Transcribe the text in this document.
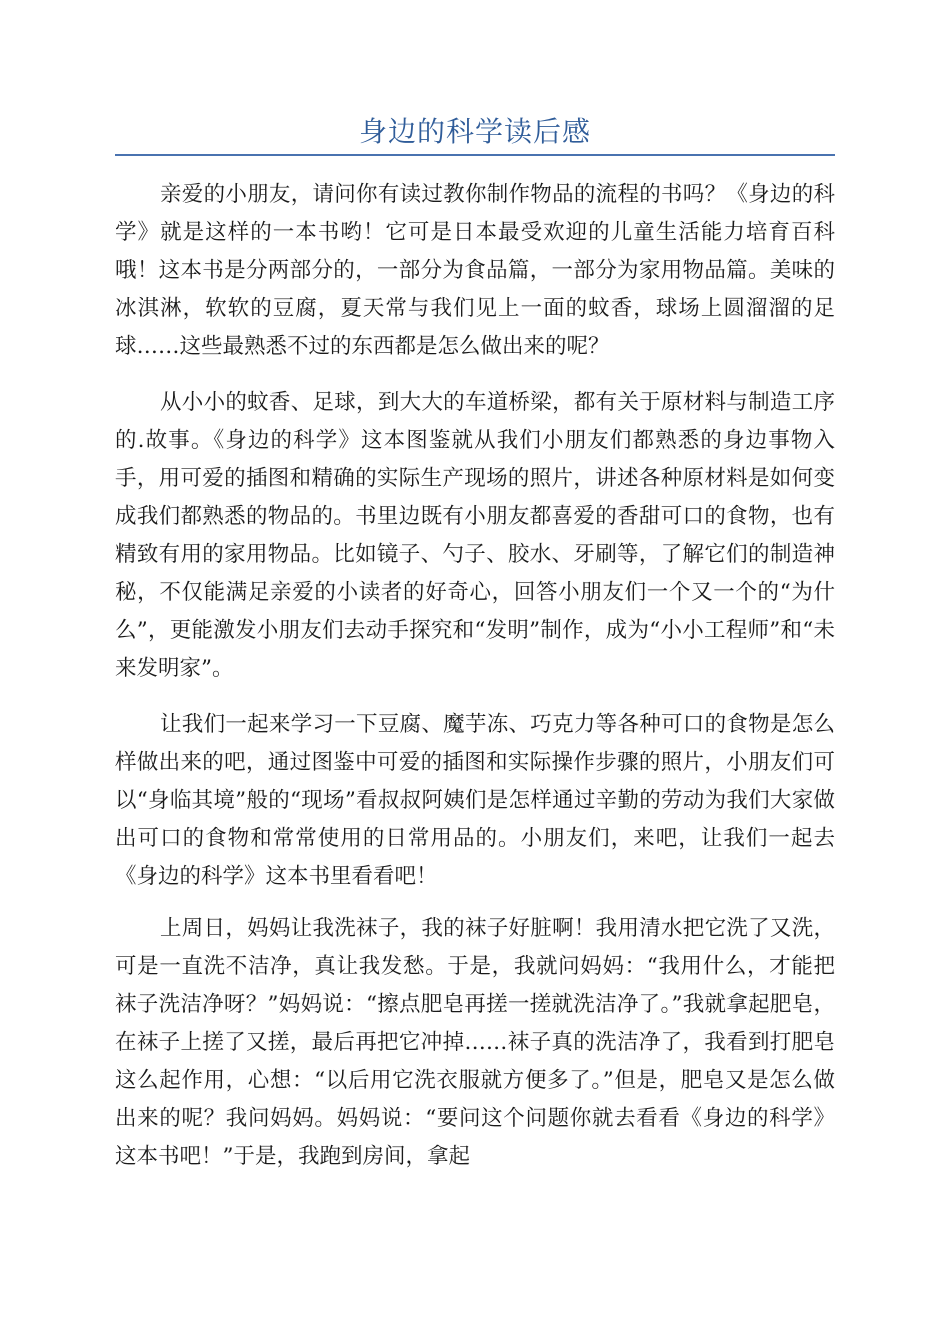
身边的科学读后感

亲爱的小朋友，请问你有读过教你制作物品的流程的书吗？《身边的科学》就是这样的一本书哟！它可是日本最受欢迎的儿童生活能力培育百科哦！这本书是分两部分的，一部分为食品篇，一部分为家用物品篇。美味的冰淇淋，软软的豆腐，夏天常与我们见上一面的蚊香，球场上圆溜溜的足球……这些最熟悉不过的东西都是怎么做出来的呢？

从小小的蚊香、足球，到大大的车道桥梁，都有关于原材料与制造工序的.故事。《身边的科学》这本图鉴就从我们小朋友们都熟悉的身边事物入手，用可爱的插图和精确的实际生产现场的照片，讲述各种原材料是如何变成我们都熟悉的物品的。书里边既有小朋友都喜爱的香甜可口的食物，也有精致有用的家用物品。比如镜子、勺子、胶水、牙刷等，了解它们的制造神秘，不仅能满足亲爱的小读者的好奇心，回答小朋友们一个又一个的“为什么”，更能激发小朋友们去动手探究和“发明”制作，成为“小小工程师”和“未来发明家”。

让我们一起来学习一下豆腐、魔芋冻、巧克力等各种可口的食物是怎么样做出来的吧，通过图鉴中可爱的插图和实际操作步骤的照片，小朋友们可以“身临其境”般的“现场”看叔叔阿姨们是怎样通过辛勤的劳动为我们大家做出可口的食物和常常使用的日常用品的。小朋友们，来吧，让我们一起去《身边的科学》这本书里看看吧！

上周日，妈妈让我洗袜子，我的袜子好脏啊！我用清水把它洗了又洗，可是一直洗不洁净，真让我发愁。于是，我就问妈妈：“我用什么，才能把袜子洗洁净呀？”妈妈说：“擦点肥皂再搓一搓就洗洁净了。”我就拿起肥皂，在袜子上搓了又搓，最后再把它冲掉……袜子真的洗洁净了，我看到打肥皂这么起作用，心想：“以后用它洗衣服就方便多了。”但是，肥皂又是怎么做出来的呢？我问妈妈。妈妈说：“要问这个问题你就去看看《身边的科学》这本书吧！”于是，我跑到房间，拿起
